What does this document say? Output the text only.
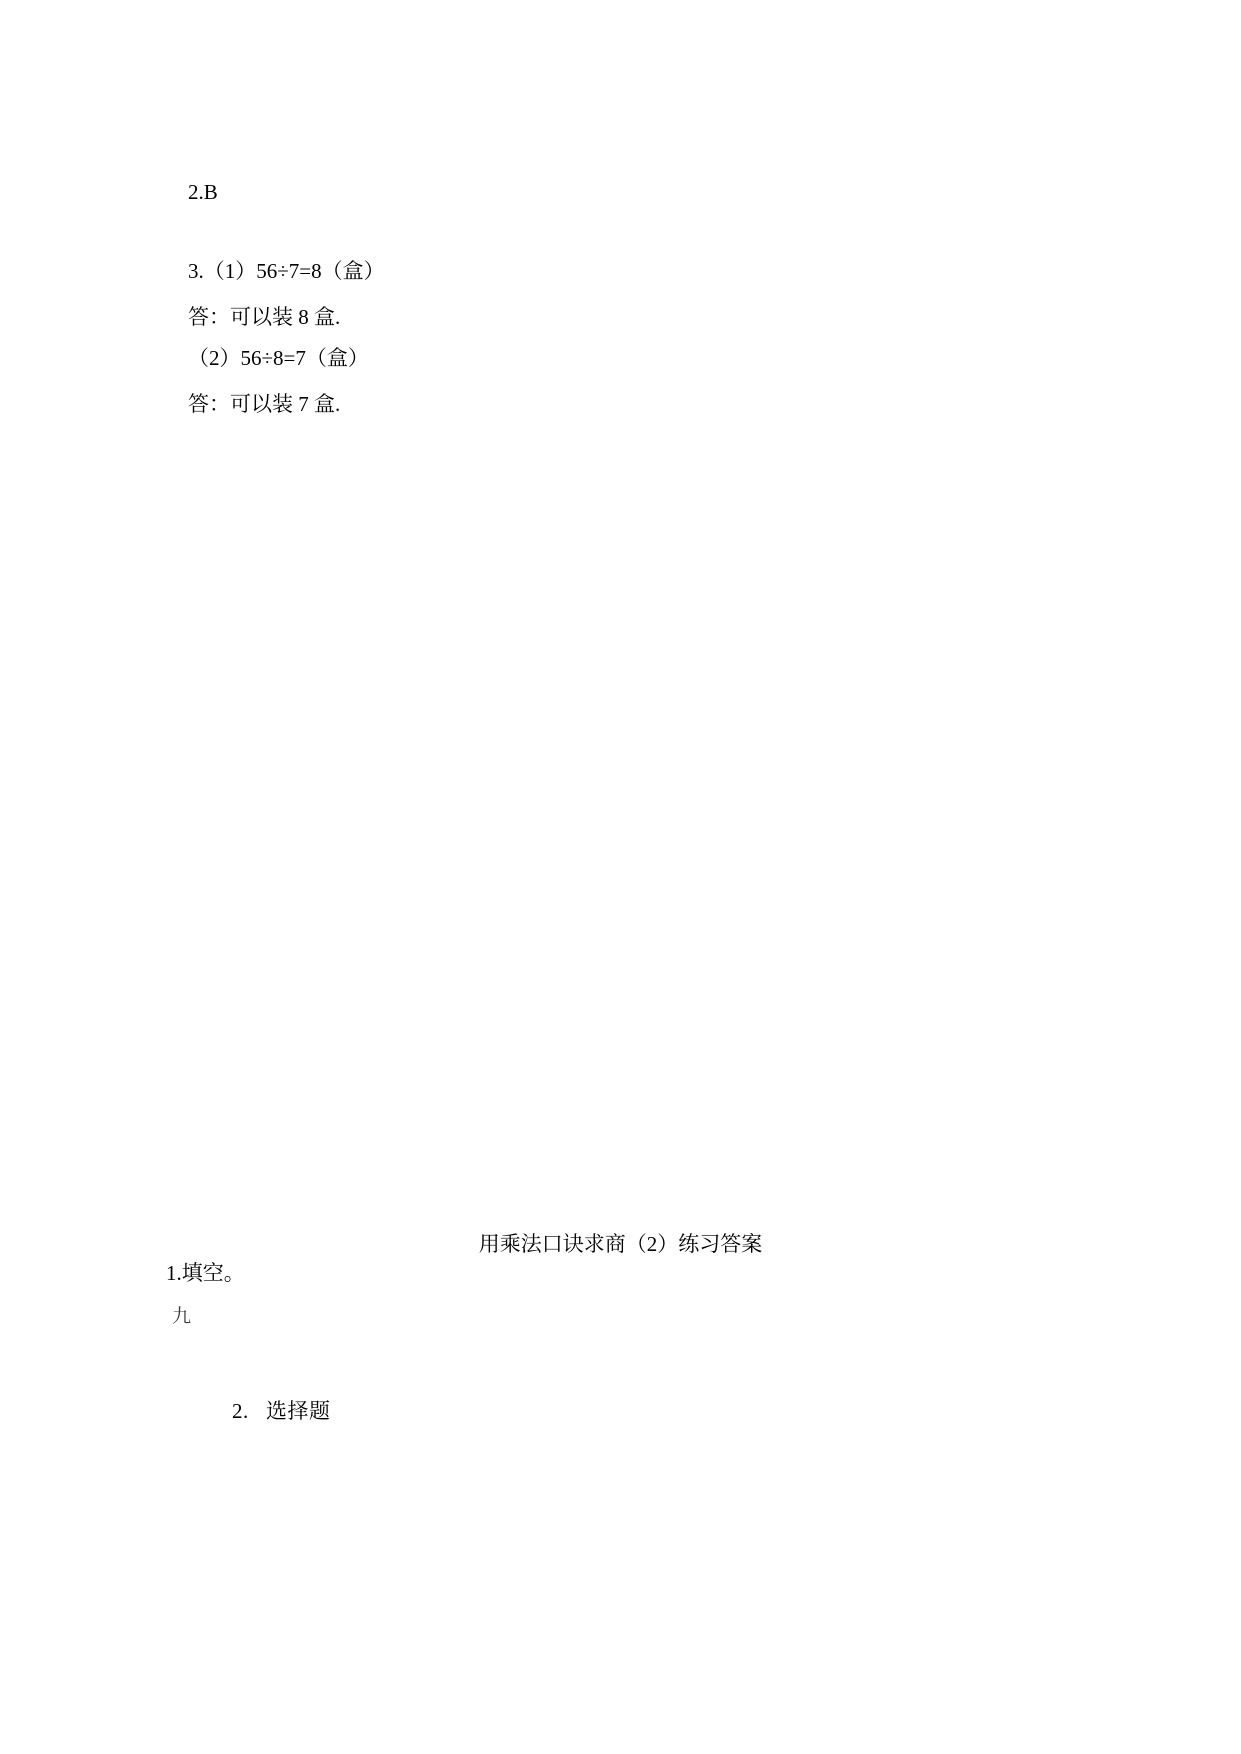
2.B
3.（1）56÷7=8（盒）
答：可以装 8 盒.
（2）56÷8=7（盒）
答：可以装 7 盒.
用乘法口诀求商（2）练习答案
1.填空。
九
2.   选择题
